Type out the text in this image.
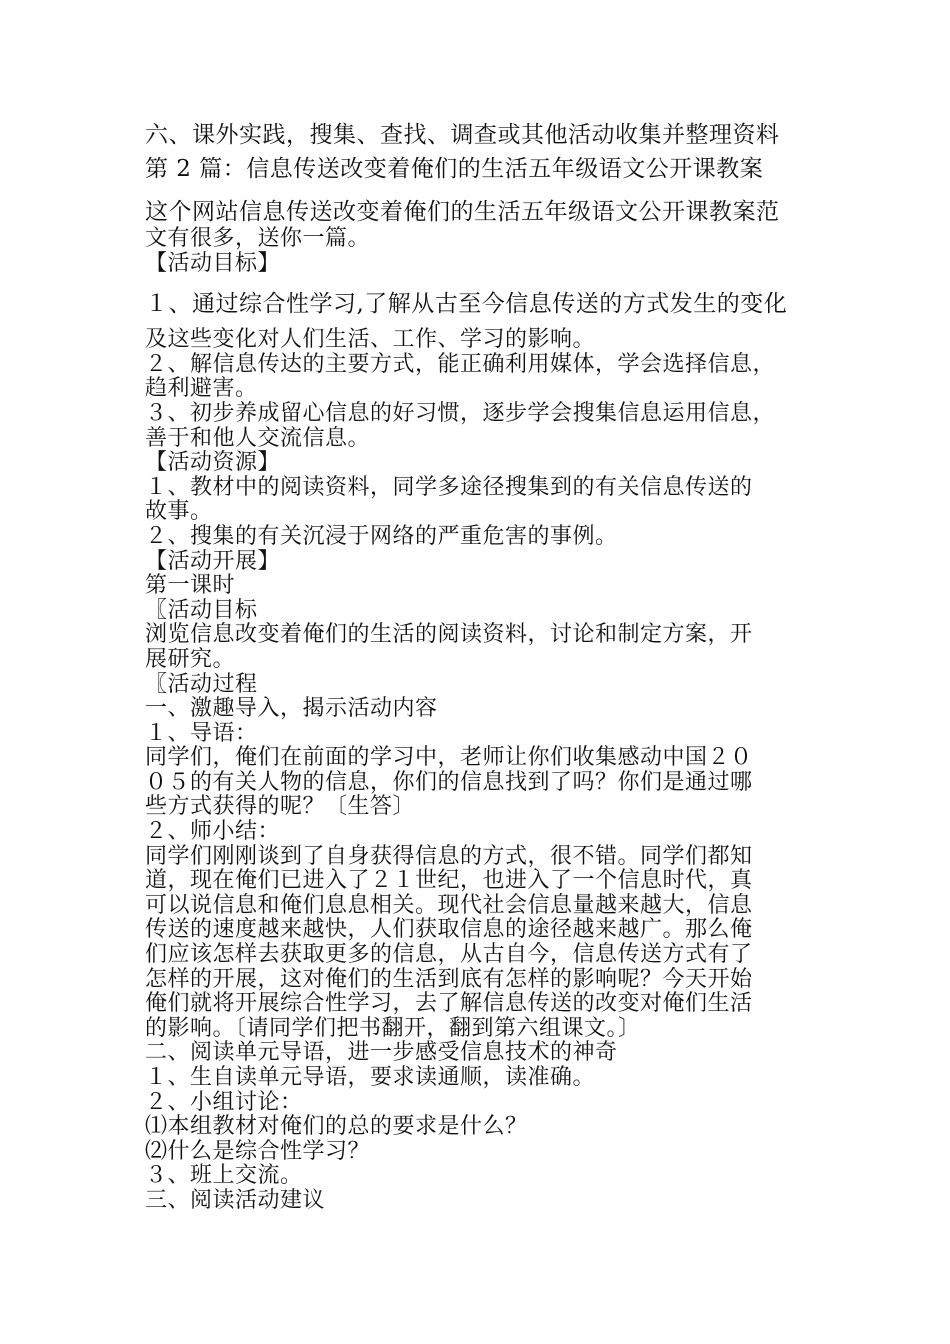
六、课外实践，搜集、查找、调查或其他活动收集并整理资料
第 2 篇：信息传送改变着俺们的生活五年级语文公开课教案
这个网站信息传送改变着俺们的生活五年级语文公开课教案范
文有很多，送你一篇。
【活动目标】
１、通过综合性学习,了解从古至今信息传送的方式发生的变化
及这些变化对人们生活、工作、学习的影响。
２、解信息传达的主要方式，能正确利用媒体，学会选择信息，
趋利避害。
３、初步养成留心信息的好习惯，逐步学会搜集信息运用信息，
善于和他人交流信息。
【活动资源】
１、教材中的阅读资料，同学多途径搜集到的有关信息传送的
故事。
２、搜集的有关沉浸于网络的严重危害的事例。
【活动开展】
第一课时
〖活动目标
浏览信息改变着俺们的生活的阅读资料，讨论和制定方案，开
展研究。
〖活动过程
一、激趣导入，揭示活动内容
１、导语：
同学们，俺们在前面的学习中，老师让你们收集感动中国２０
０５的有关人物的信息，你们的信息找到了吗？你们是通过哪
些方式获得的呢？〔生答〕
２、师小结：
同学们刚刚谈到了自身获得信息的方式，很不错。同学们都知
道，现在俺们已进入了２１世纪，也进入了一个信息时代，真
可以说信息和俺们息息相关。现代社会信息量越来越大，信息
传送的速度越来越快，人们获取信息的途径越来越广。那么俺
们应该怎样去获取更多的信息，从古自今，信息传送方式有了
怎样的开展，这对俺们的生活到底有怎样的影响呢？今天开始
俺们就将开展综合性学习，去了解信息传送的改变对俺们生活
的影响。〔请同学们把书翻开，翻到第六组课文。〕
二、阅读单元导语，进一步感受信息技术的神奇
１、生自读单元导语，要求读通顺，读准确。
２、小组讨论：
⑴本组教材对俺们的总的要求是什么？
⑵什么是综合性学习？
３、班上交流。
三、阅读活动建议
